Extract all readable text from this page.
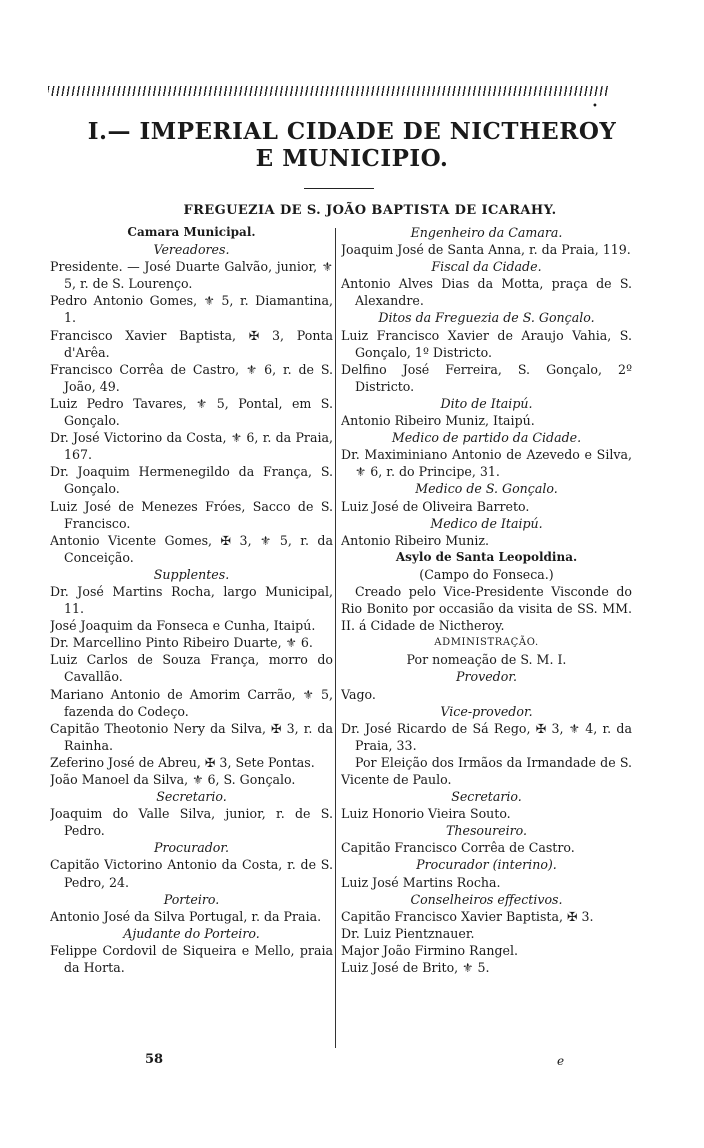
•
I.— IMPERIAL CIDADE DE NICTHEROY
E MUNICIPIO.
FREGUEZIA DE S. JOÃO BAPTISTA DE ICARAHY.

Camara Municipal.

Vereadores.

Presidente. — José Duarte Galvão, junior, ⚜ 5, r. de S. Lourenço.

Pedro Antonio Gomes, ⚜ 5, r. Diamantina, 1.

Francisco Xavier Baptista, ✠ 3, Ponta d'Arêa.

Francisco Corrêa de Castro, ⚜ 6, r. de S. João, 49.

Luiz Pedro Tavares, ⚜ 5, Pontal, em S. Gonçalo.

Dr. José Victorino da Costa, ⚜ 6, r. da Praia, 167.

Dr. Joaquim Hermenegildo da França, S. Gonçalo.

Luiz José de Menezes Fróes, Sacco de S. Francisco.

Antonio Vicente Gomes, ✠ 3, ⚜ 5, r. da Conceição.

Supplentes.

Dr. José Martins Rocha, largo Municipal, 11.

José Joaquim da Fonseca e Cunha, Itaipú.

Dr. Marcellino Pinto Ribeiro Duarte, ⚜ 6.

Luiz Carlos de Souza França, morro do Cavallão.

Mariano Antonio de Amorim Carrão, ⚜ 5, fazenda do Codeço.

Capitão Theotonio Nery da Silva, ✠ 3, r. da Rainha.

Zeferino José de Abreu, ✠ 3, Sete Pontas.

João Manoel da Silva, ⚜ 6, S. Gonçalo.

Secretario.

Joaquim do Valle Silva, junior, r. de S. Pedro.

Procurador.

Capitão Victorino Antonio da Costa, r. de S. Pedro, 24.

Porteiro.

Antonio José da Silva Portugal, r. da Praia.

Ajudante do Porteiro.

Felippe Cordovil de Siqueira e Mello, praia da Horta.

Engenheiro da Camara.

Joaquim José de Santa Anna, r. da Praia, 119.

Fiscal da Cidade.

Antonio Alves Dias da Motta, praça de S. Alexandre.

Ditos da Freguezia de S. Gonçalo.

Luiz Francisco Xavier de Araujo Vahia, S. Gonçalo, 1º Districto.

Delfino José Ferreira, S. Gonçalo, 2º Districto.

Dito de Itaipú.

Antonio Ribeiro Muniz, Itaipú.

Medico de partido da Cidade.

Dr. Maximiniano Antonio de Azevedo e Silva, ⚜ 6, r. do Principe, 31.

Medico de S. Gonçalo.

Luiz José de Oliveira Barreto.

Medico de Itaipú.

Antonio Ribeiro Muniz.

Asylo de Santa Leopoldina.

(Campo do Fonseca.)

Creado pelo Vice-Presidente Visconde do Rio Bonito por occasião da visita de SS. MM. II. á Cidade de Nictheroy.

ADMINISTRAÇÃO.

Por nomeação de S. M. I.

Provedor.

Vago.

Vice-provedor.

Dr. José Ricardo de Sá Rego, ✠ 3, ⚜ 4, r. da Praia, 33.

Por Eleição dos Irmãos da Irmandade de S. Vicente de Paulo.

Secretario.

Luiz Honorio Vieira Souto.

Thesoureiro.

Capitão Francisco Corrêa de Castro.

Procurador (interino).

Luiz José Martins Rocha.

Conselheiros effectivos.

Capitão Francisco Xavier Baptista, ✠ 3.

Dr. Luiz Pientznauer.

Major João Firmino Rangel.

Luiz José de Brito, ⚜ 5.

58	e
